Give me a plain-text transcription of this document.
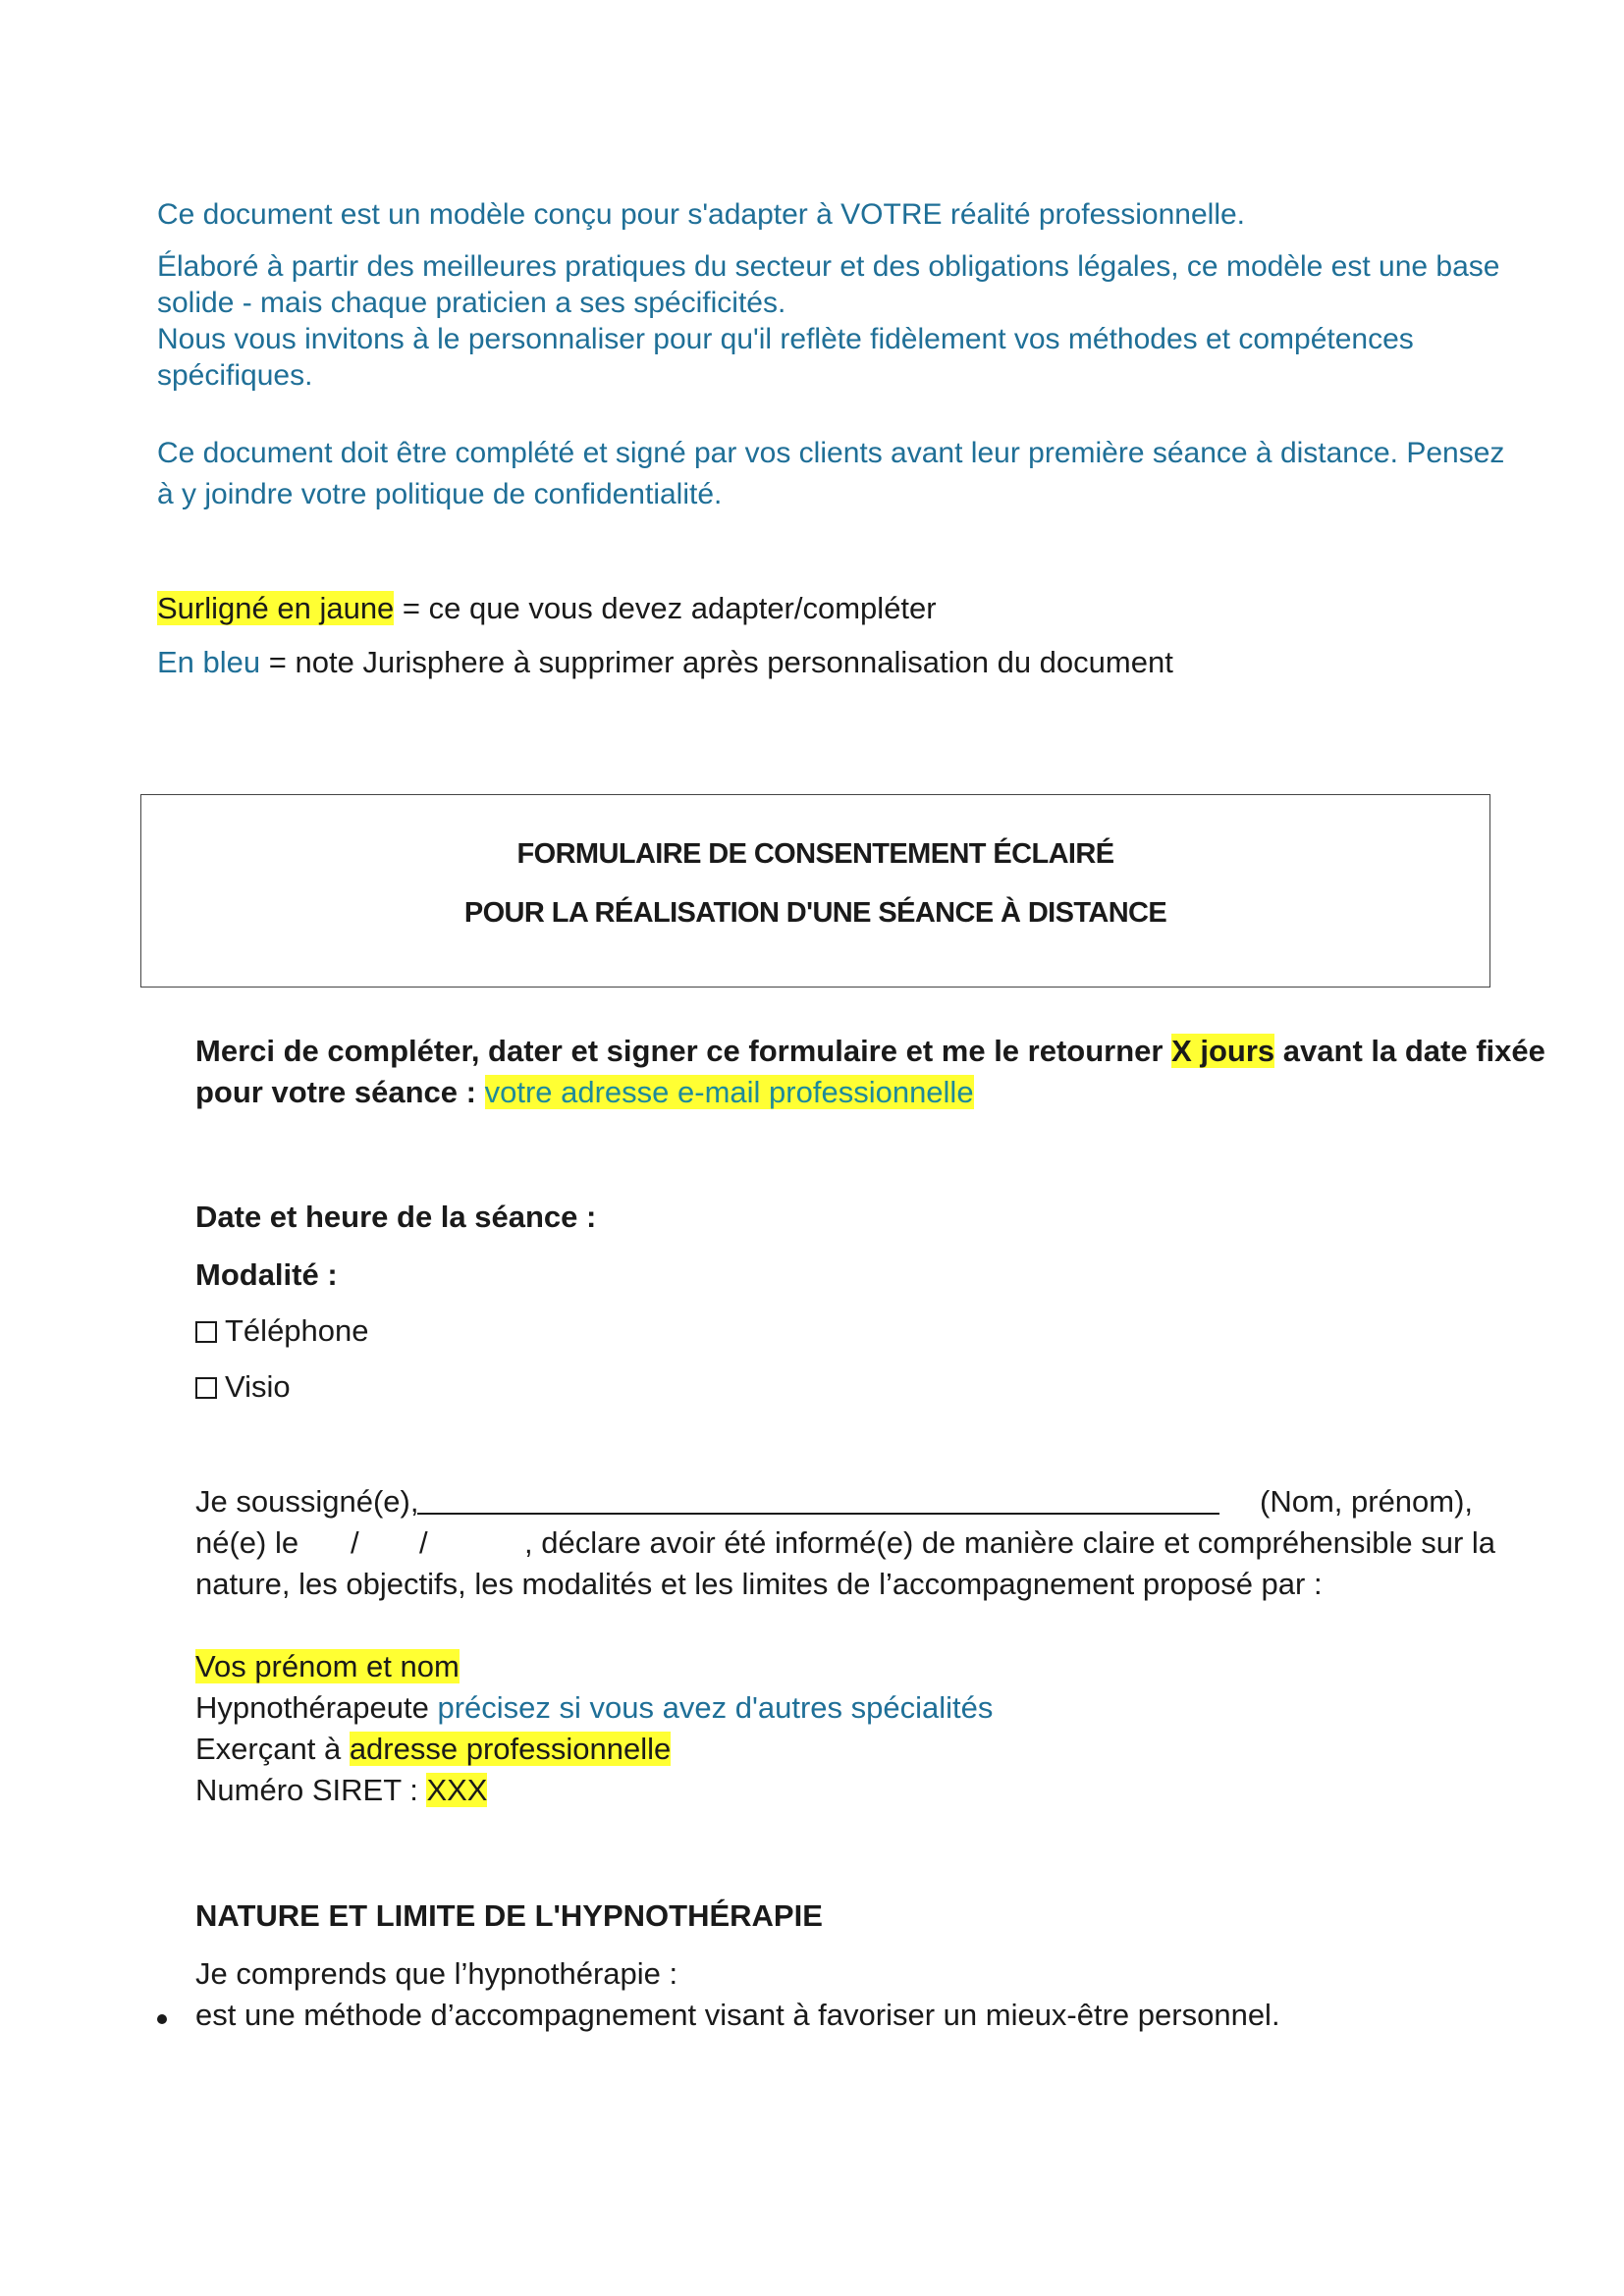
Ce document est un modèle conçu pour s'adapter à VOTRE réalité professionnelle.

Élaboré à partir des meilleures pratiques du secteur et des obligations légales, ce modèle est une base

solide - mais chaque praticien a ses spécificités.

Nous vous invitons à le personnaliser pour qu'il reflète fidèlement vos méthodes et compétences

spécifiques.

Ce document doit être complété et signé par vos clients avant leur première séance à distance. Pensez

à y joindre votre politique de confidentialité.

Surligné en jaune = ce que vous devez adapter/compléter

En bleu = note Jurisphere à supprimer après personnalisation du document

FORMULAIRE DE CONSENTEMENT ÉCLAIRÉ
POUR LA RÉALISATION D'UNE SÉANCE À DISTANCE

Merci de compléter, dater et signer ce formulaire et me le retourner X jours avant la date fixée

pour votre séance : votre adresse e-mail professionnelle

Date et heure de la séance :

Modalité :

Téléphone

Visio

Je soussigné(e),	(Nom, prénom),

né(e) le / /	, déclare avoir été informé(e) de manière claire et compréhensible sur la

nature, les objectifs, les modalités et les limites de l’accompagnement proposé par :

Vos prénom et nom

Hypnothérapeute précisez si vous avez d'autres spécialités

Exerçant à adresse professionnelle

Numéro SIRET : XXX

NATURE ET LIMITE DE L'HYPNOTHÉRAPIE

Je comprends que l’hypnothérapie :

est une méthode d’accompagnement visant à favoriser un mieux-être personnel.
